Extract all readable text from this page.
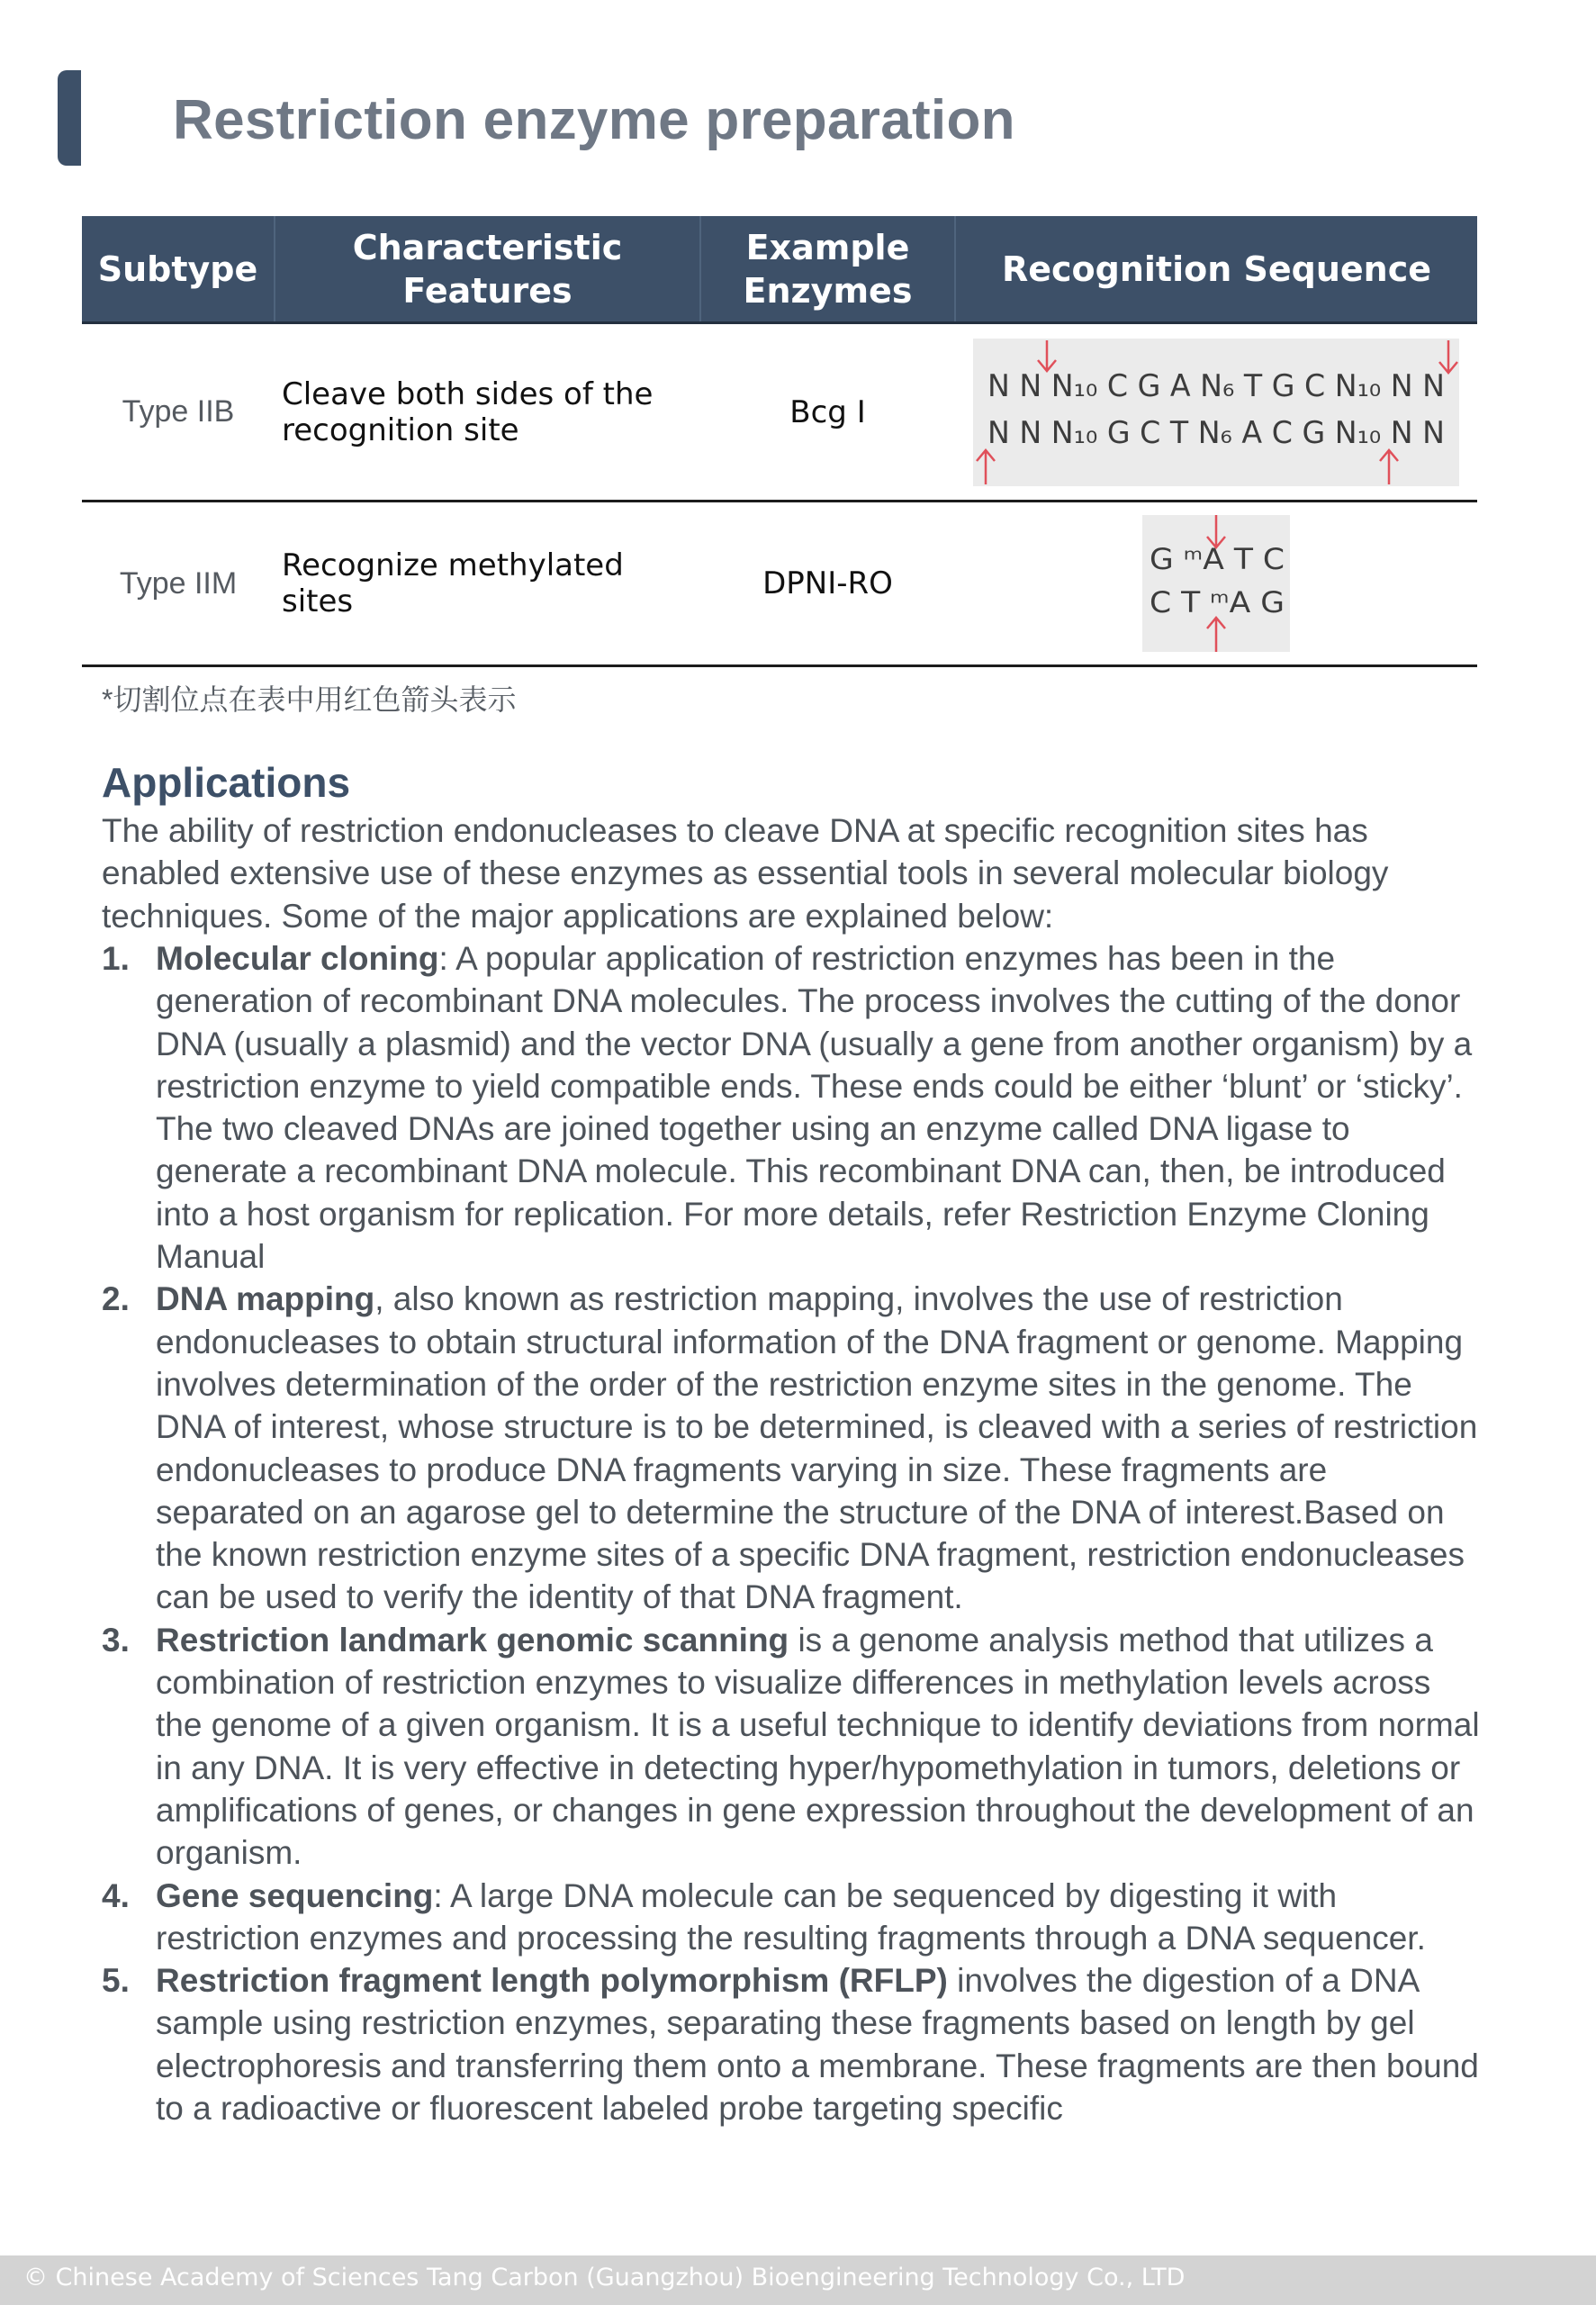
Restriction enzyme preparation
Subtype	Characteristic Features	Example Enzymes	Recognition Sequence
Type IIB	Cleave both sides of the recognition site	Bcg I	N N N₁₀ C G A N₆ T G C N₁₀ N N
N N N₁₀ G C T N₆ A C G N₁₀ N N

Type IIM	Recognize methylated sites	DPNI-RO	G ᵐA T C
C T ᵐA G
*切割位点在表中用红色箭头表示
Applications

The ability of restriction endonucleases to cleave DNA at specific recognition sites has enabled extensive use of these enzymes as essential tools in several molecular biology techniques. Some of the major applications are explained below:

1. Molecular cloning: A popular application of restriction enzymes has been in the generation of recombinant DNA molecules. The process involves the cutting of the donor DNA (usually a plasmid) and the vector DNA (usually a gene from another organism) by a restriction enzyme to yield compatible ends. These ends could be either ‘blunt’ or ‘sticky’. The two cleaved DNAs are joined together using an enzyme called DNA ligase to generate a recombinant DNA molecule. This recombinant DNA can, then, be introduced into a host organism for replication. For more details, refer Restriction Enzyme Cloning Manual
2. DNA mapping, also known as restriction mapping, involves the use of restriction endonucleases to obtain structural information of the DNA fragment or genome. Mapping involves determination of the order of the restriction enzyme sites in the genome. The DNA of interest, whose structure is to be determined, is cleaved with a series of restriction endonucleases to produce DNA fragments varying in size. These fragments are separated on an agarose gel to determine the structure of the DNA of interest.Based on the known restriction enzyme sites of a specific DNA fragment, restriction endonucleases can be used to verify the identity of that DNA fragment.
3. Restriction landmark genomic scanning is a genome analysis method that utilizes a combination of restriction enzymes to visualize differences in methylation levels across the genome of a given organism. It is a useful technique to identify deviations from normal in any DNA. It is very effective in detecting hyper/hypomethylation in tumors, deletions or amplifications of genes, or changes in gene expression throughout the development of an organism.
4. Gene sequencing: A large DNA molecule can be sequenced by digesting it with restriction enzymes and processing the resulting fragments through a DNA sequencer.
5. Restriction fragment length polymorphism (RFLP) involves the digestion of a DNA sample using restriction enzymes, separating these fragments based on length by gel electrophoresis and transferring them onto a membrane. These fragments are then bound to a radioactive or fluorescent labeled probe targeting specific
© Chinese Academy of Sciences Tang Carbon (Guangzhou) Bioengineering Technology Co., LTD
